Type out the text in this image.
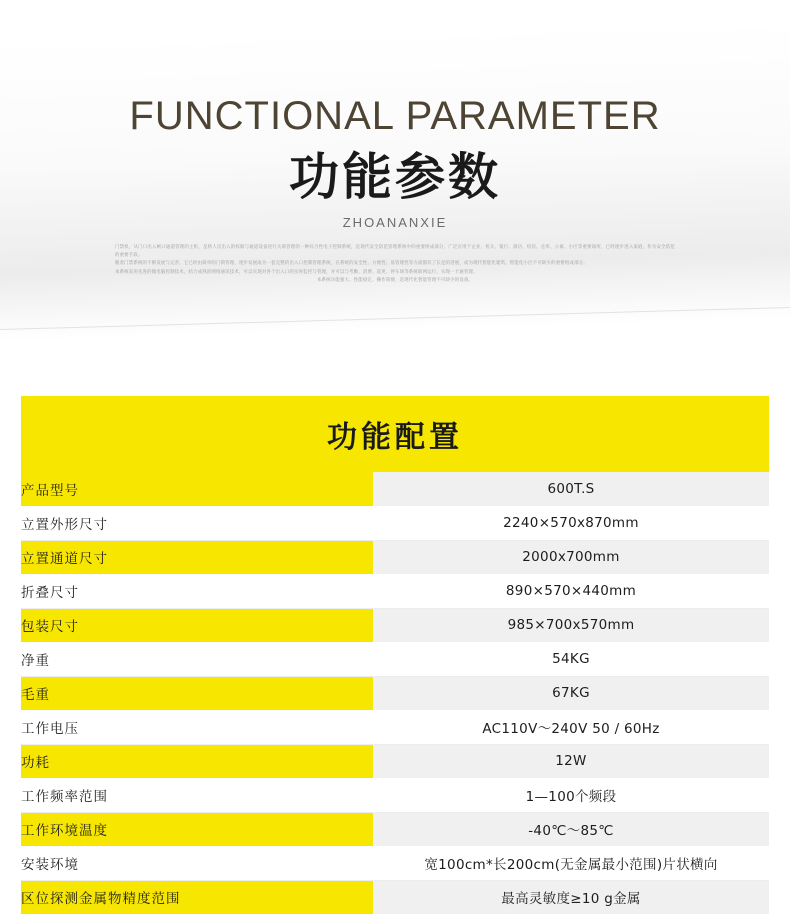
FUNCTIONAL PARAMETER
功能参数
ZHOANANXIE

门禁机，从门口出入闸口通道管理的主机，是将人员出入的权限与通道设备进行关联管理的一种综合性电子控制系统，是现代安全防范管理系统中的重要组成部分，广泛应用于企业、机关、银行、酒店、机房、仓库、公寓、小区等重要场所，已经逐步进入家庭，作为安全防范的重要手段。

随着门禁系统的不断发展与完善，它已经由简单的门锁管理，逐步发展成为一套完整的出入口控制管理系统，在系统的安全性、方便性、易管理性等方面都有了长足的进展，成为现代智能化建筑、智能化小区不可缺少的重要组成部分。

本系统采用先进的微电脑控制技术，结合成熟的网络通讯技术，可以实现对各个出入口的实时监控与管理，并可以与考勤、消费、巡更、停车场等系统联网运行，实现一卡通管理。

本系统功能强大、性能稳定、操作简便，是现代化智能管理不可缺少的设备。

功能配置
产品型号	600T.S
立置外形尺寸	2240×570x870mm
立置通道尺寸	2000x700mm
折叠尺寸	890×570×440mm
包装尺寸	985×700x570mm
净重	54KG
毛重	67KG
工作电压	AC110V～240V 50 / 60Hz
功耗	12W
工作频率范围	1—100个频段
工作环境温度	-40℃～85℃
安装环境	宽100cm*长200cm(无金属最小范围)片状横向
区位探测金属物精度范围	最高灵敏度≥10 g金属
